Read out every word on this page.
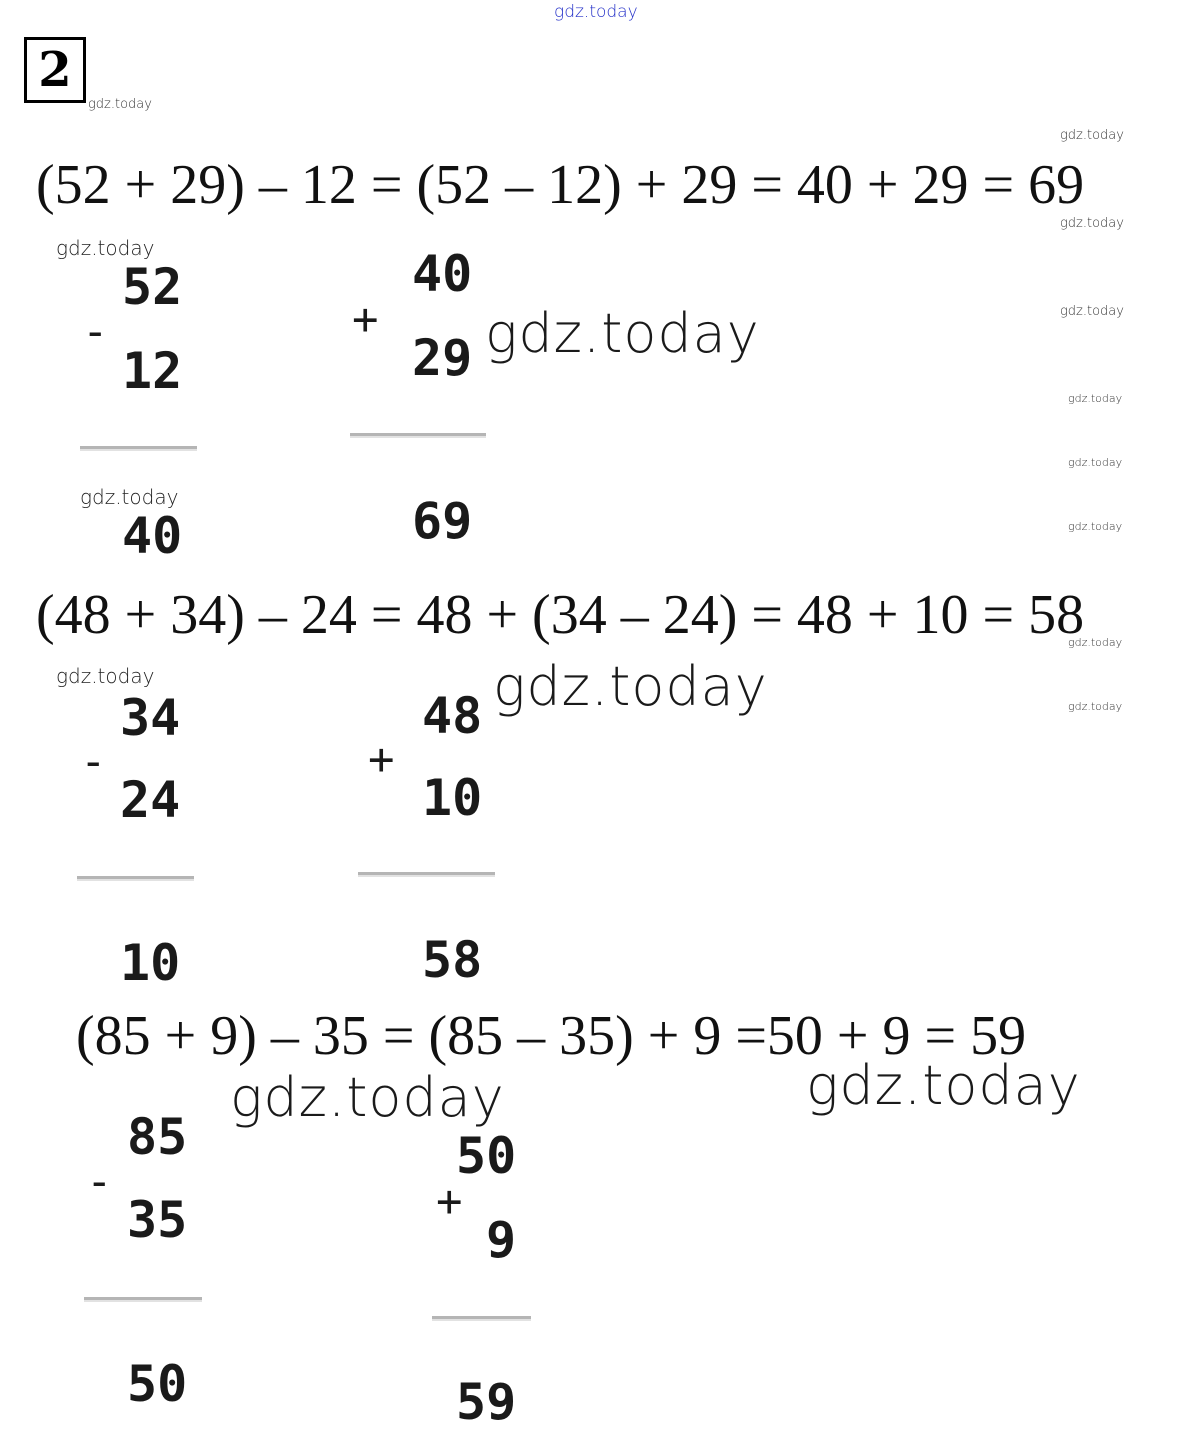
2
(52 + 29) – 12 = (52 – 12) + 29 = 40 + 29 = 69
(48 + 34) – 24 = 48 + (34 – 24) = 48 + 10 = 58
(85 + 9) – 35 = (85 – 35) + 9 =50 + 9 = 59
52
-
12
40
40
+
29
69
34
-
24
10
48
+
10
58
85
-
35
50
50
+
9
59
gdz.today
gdz.today
gdz.today
gdz.today
gdz.today
gdz.today
gdz.today
gdz.today
gdz.today
gdz.today
gdz.today
gdz.today
gdz.today	gdz.today	gdz.today
gdz.today	gdz.today
